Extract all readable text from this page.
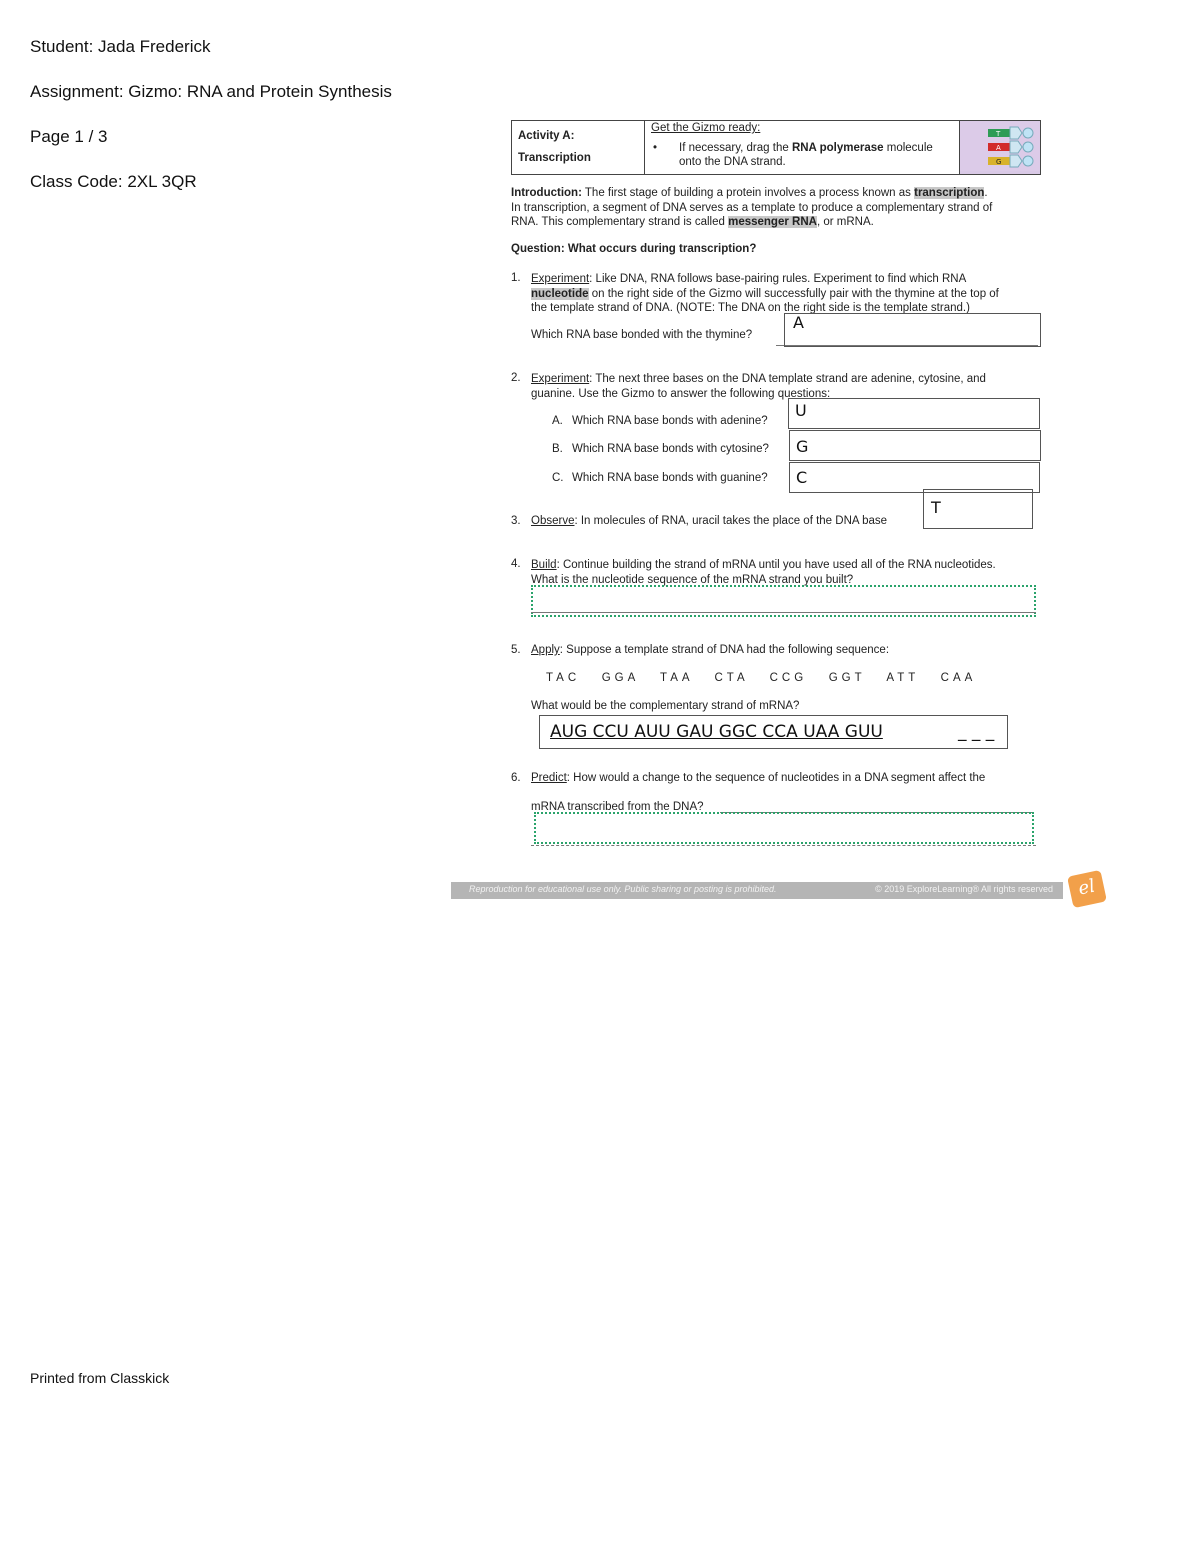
Student: Jada Frederick
Assignment: Gizmo: RNA and Protein Synthesis
Page 1 / 3
Class Code: 2XL 3QR
Activity A:
Transcription

Get the Gizmo ready:
• If necessary, drag the RNA polymerase molecule
onto the DNA strand.

T
A
G
Introduction: The first stage of building a protein involves a process known as transcription.
In transcription, a segment of DNA serves as a template to produce a complementary strand of
RNA. This complementary strand is called messenger RNA, or mRNA.
Question: What occurs during transcription?
1. Experiment: Like DNA, RNA follows base-pairing rules. Experiment to find which RNA
nucleotide on the right side of the Gizmo will successfully pair with the thymine at the top of
the template strand of DNA. (NOTE: The DNA on the right side is the template strand.)
Which RNA base bonded with the thymine?
A
2. Experiment: The next three bases on the DNA template strand are adenine, cytosine, and
guanine. Use the Gizmo to answer the following questions:
A. Which RNA base bonds with adenine?
U
B. Which RNA base bonds with cytosine? G
C. Which RNA base bonds with guanine? C
3. Observe: In molecules of RNA, uracil takes the place of the DNA base
T
4. Build: Continue building the strand of mRNA until you have used all of the RNA nucleotides.
What is the nucleotide sequence of the mRNA strand you built?
5. Apply: Suppose a template strand of DNA had the following sequence:
TAC   GGA   TAA   CTA   CCG   GGT   ATT   CAA
What would be the complementary strand of mRNA?
AUG CCU AUU GAU GGC CCA UAA GUU	_ _ _
6. Predict: How would a change to the sequence of nucleotides in a DNA segment affect the
mRNA transcribed from the DNA?
Reproduction for educational use only. Public sharing or posting is prohibited.	© 2019 ExploreLearning® All rights reserved	el
Printed from Classkick
